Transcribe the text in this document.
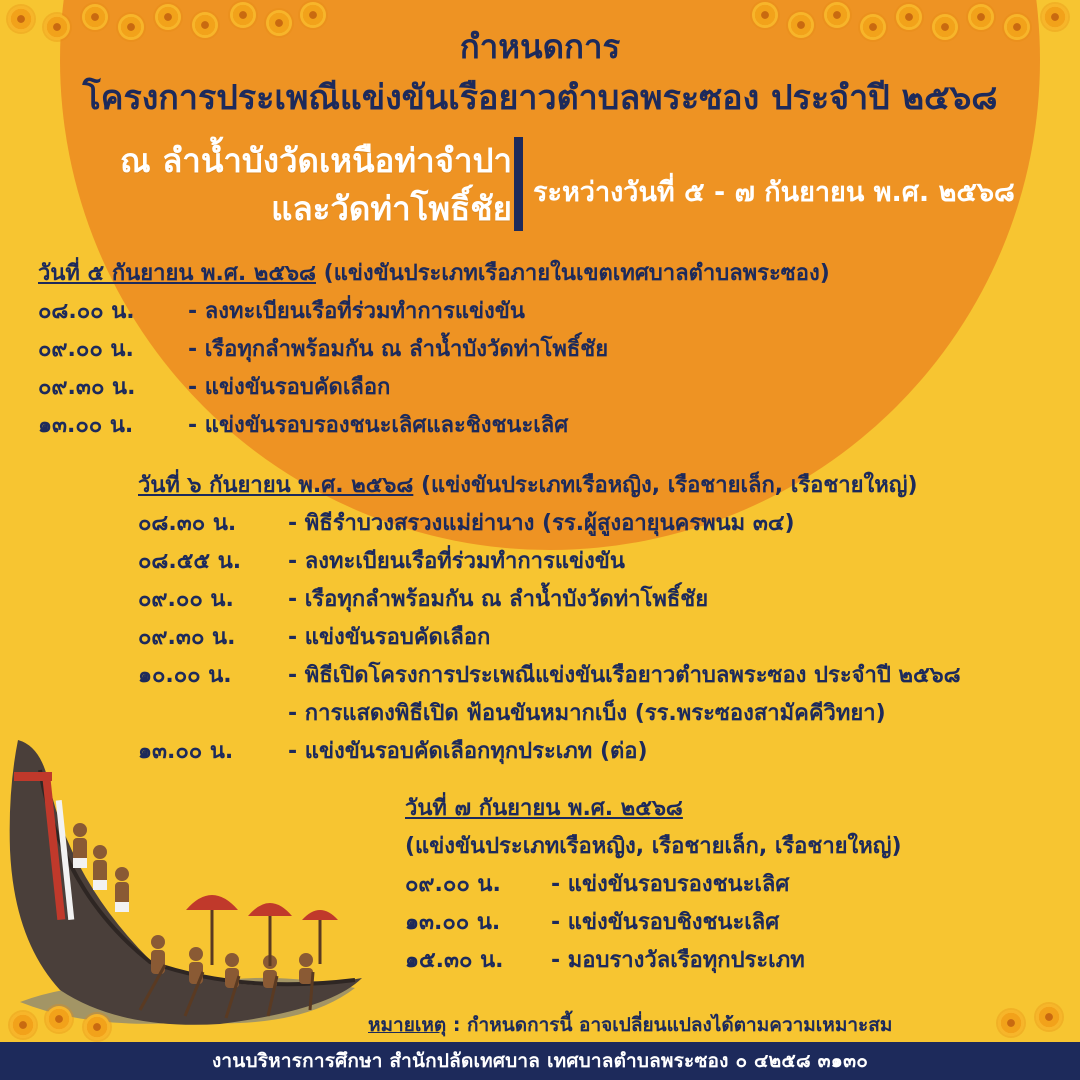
กำหนดการ
โครงการประเพณีแข่งขันเรือยาวตำบลพระซอง ประจำปี ๒๕๖๘
ณ ลำน้ำบังวัดเหนือท่าจำปา
และวัดท่าโพธิ์ชัย ระหว่างวันที่ ๕ - ๗ กันยายน พ.ศ. ๒๕๖๘
วันที่ ๕ กันยายน พ.ศ. ๒๕๖๘ (แข่งขันประเภทเรือภายในเขตเทศบาลตำบลพระซอง)
๐๘.๐๐ น.	- ลงทะเบียนเรือที่ร่วมทำการแข่งขัน
๐๙.๐๐ น.	- เรือทุกลำพร้อมกัน ณ ลำน้ำบังวัดท่าโพธิ์ชัย
๐๙.๓๐ น.	- แข่งขันรอบคัดเลือก
๑๓.๐๐ น.	- แข่งขันรอบรองชนะเลิศและชิงชนะเลิศ
วันที่ ๖ กันยายน พ.ศ. ๒๕๖๘ (แข่งขันประเภทเรือหญิง, เรือชายเล็ก, เรือชายใหญ่)
๐๘.๓๐ น.	- พิธีรำบวงสรวงแม่ย่านาง (รร.ผู้สูงอายุนครพนม ๓๔)
๐๘.๕๕ น.	- ลงทะเบียนเรือที่ร่วมทำการแข่งขัน
๐๙.๐๐ น.	- เรือทุกลำพร้อมกัน ณ ลำน้ำบังวัดท่าโพธิ์ชัย
๐๙.๓๐ น.	- แข่งขันรอบคัดเลือก
๑๐.๐๐ น.	- พิธีเปิดโครงการประเพณีแข่งขันเรือยาวตำบลพระซอง ประจำปี ๒๕๖๘
- การแสดงพิธีเปิด ฟ้อนขันหมากเบ็ง (รร.พระซองสามัคคีวิทยา)
๑๓.๐๐ น.	- แข่งขันรอบคัดเลือกทุกประเภท (ต่อ)
วันที่ ๗ กันยายน พ.ศ. ๒๕๖๘
(แข่งขันประเภทเรือหญิง, เรือชายเล็ก, เรือชายใหญ่)
๐๙.๐๐ น.	- แข่งขันรอบรองชนะเลิศ
๑๓.๐๐ น.	- แข่งขันรอบชิงชนะเลิศ
๑๕.๓๐ น.	- มอบรางวัลเรือทุกประเภท
หมายเหตุ : กำหนดการนี้ อาจเปลี่ยนแปลงได้ตามความเหมาะสม
งานบริหารการศึกษา สำนักปลัดเทศบาล เทศบาลตำบลพระซอง ๐ ๔๒๕๘ ๓๑๓๐
